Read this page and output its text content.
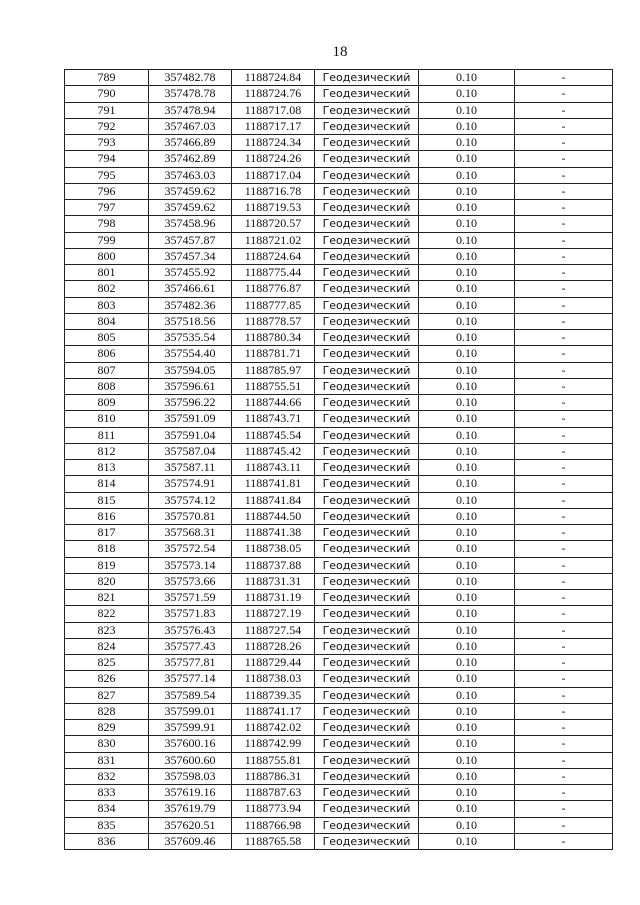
18
789	357482.78	1188724.84	Геодезический	0.10	-
790	357478.78	1188724.76	Геодезический	0.10	-
791	357478.94	1188717.08	Геодезический	0.10	-
792	357467.03	1188717.17	Геодезический	0.10	-
793	357466.89	1188724.34	Геодезический	0.10	-
794	357462.89	1188724.26	Геодезический	0.10	-
795	357463.03	1188717.04	Геодезический	0.10	-
796	357459.62	1188716.78	Геодезический	0.10	-
797	357459.62	1188719.53	Геодезический	0.10	-
798	357458.96	1188720.57	Геодезический	0.10	-
799	357457.87	1188721.02	Геодезический	0.10	-
800	357457.34	1188724.64	Геодезический	0.10	-
801	357455.92	1188775.44	Геодезический	0.10	-
802	357466.61	1188776.87	Геодезический	0.10	-
803	357482.36	1188777.85	Геодезический	0.10	-
804	357518.56	1188778.57	Геодезический	0.10	-
805	357535.54	1188780.34	Геодезический	0.10	-
806	357554.40	1188781.71	Геодезический	0.10	-
807	357594.05	1188785.97	Геодезический	0.10	-
808	357596.61	1188755.51	Геодезический	0.10	-
809	357596.22	1188744.66	Геодезический	0.10	-
810	357591.09	1188743.71	Геодезический	0.10	-
811	357591.04	1188745.54	Геодезический	0.10	-
812	357587.04	1188745.42	Геодезический	0.10	-
813	357587.11	1188743.11	Геодезический	0.10	-
814	357574.91	1188741.81	Геодезический	0.10	-
815	357574.12	1188741.84	Геодезический	0.10	-
816	357570.81	1188744.50	Геодезический	0.10	-
817	357568.31	1188741.38	Геодезический	0.10	-
818	357572.54	1188738.05	Геодезический	0.10	-
819	357573.14	1188737.88	Геодезический	0.10	-
820	357573.66	1188731.31	Геодезический	0.10	-
821	357571.59	1188731.19	Геодезический	0.10	-
822	357571.83	1188727.19	Геодезический	0.10	-
823	357576.43	1188727.54	Геодезический	0.10	-
824	357577.43	1188728.26	Геодезический	0.10	-
825	357577.81	1188729.44	Геодезический	0.10	-
826	357577.14	1188738.03	Геодезический	0.10	-
827	357589.54	1188739.35	Геодезический	0.10	-
828	357599.01	1188741.17	Геодезический	0.10	-
829	357599.91	1188742.02	Геодезический	0.10	-
830	357600.16	1188742.99	Геодезический	0.10	-
831	357600.60	1188755.81	Геодезический	0.10	-
832	357598.03	1188786.31	Геодезический	0.10	-
833	357619.16	1188787.63	Геодезический	0.10	-
834	357619.79	1188773.94	Геодезический	0.10	-
835	357620.51	1188766.98	Геодезический	0.10	-
836	357609.46	1188765.58	Геодезический	0.10	-
